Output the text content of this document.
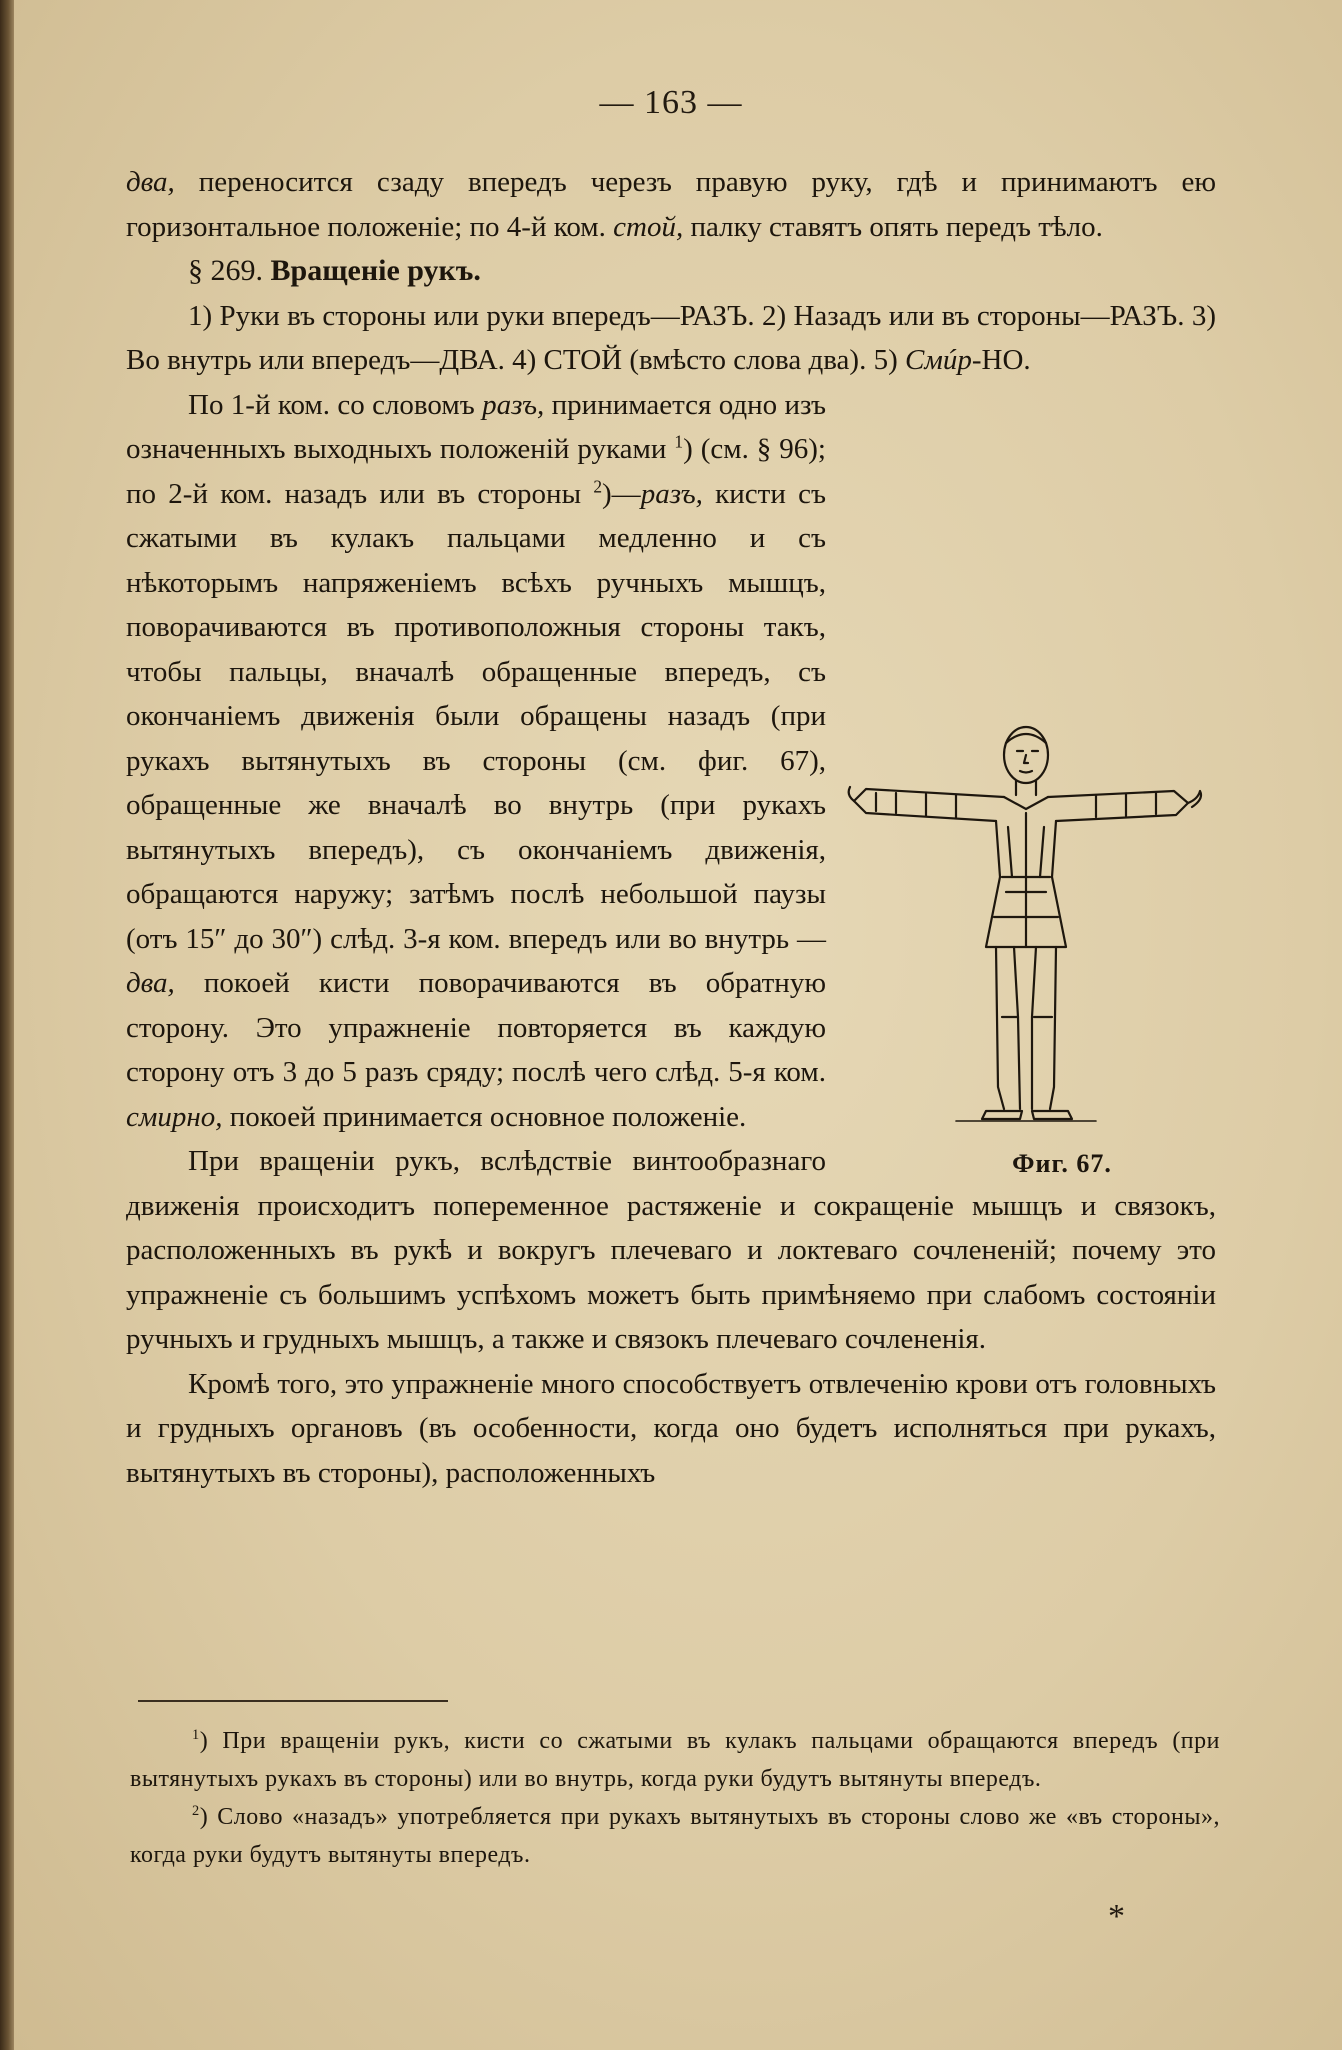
— 163 —

два, переносится сзаду впередъ черезъ правую руку, гдѣ и принимаютъ ею горизонтальное положеніе; по 4-й ком. стой, палку ставятъ опять передъ тѣло.

§ 269. Вращеніе рукъ.

1) Руки въ стороны или руки впередъ—РАЗЪ. 2) Назадъ или въ стороны—РАЗЪ. 3) Во внутрь или впередъ—ДВА. 4) СТОЙ (вмѣсто слова два). 5) Смúр-НО.

Фиг. 67.
По 1-й ком. со словомъ разъ, принимается одно изъ означенныхъ выходныхъ положеній руками $^1$) (см. § 96); по 2-й ком. назадъ или въ стороны $^2$)—разъ, кисти съ сжатыми въ кулакъ пальцами медленно и съ нѣкоторымъ напряженіемъ всѣхъ ручныхъ мышцъ, поворачиваются въ противоположныя стороны такъ, чтобы пальцы, вначалѣ обращенные впередъ, съ окончаніемъ движенія были обращены назадъ (при рукахъ вытянутыхъ въ стороны (см. фиг. 67), обращенные же вначалѣ во внутрь (при рукахъ вытянутыхъ впередъ), съ окончаніемъ движенія, обращаются наружу; затѣмъ послѣ небольшой паузы (отъ 15″ до 30″) слѣд. 3-я ком. впередъ или во внутрь — два, покоей кисти поворачиваются въ обратную сторону. Это упражненіе повторяется въ каждую сторону отъ 3 до 5 разъ сряду; послѣ чего слѣд. 5-я ком. смирно, покоей принимается основное положеніе.

При вращеніи рукъ, вслѣдствіе винтообразнаго движенія происходитъ попеременное растяженіе и сокращеніе мышцъ и связокъ, расположенныхъ въ рукѣ и вокругъ плечеваго и локтеваго сочлененій; почему это упражненіе съ большимъ успѣхомъ можетъ быть примѣняемо при слабомъ состояніи ручныхъ и грудныхъ мышцъ, а также и связокъ плечеваго сочлененія.

Кромѣ того, это упражненіе много способствуетъ отвлеченію крови отъ головныхъ и грудныхъ органовъ (въ особенности, когда оно будетъ исполняться при рукахъ, вытянутыхъ въ стороны), расположенныхъ

$^1$) При вращеніи рукъ, кисти со сжатыми въ кулакъ пальцами обращаются впередъ (при вытянутыхъ рукахъ въ стороны) или во внутрь, когда руки будутъ вытянуты впередъ.

$^2$) Слово «назадъ» употребляется при рукахъ вытянутыхъ въ стороны слово же «въ стороны», когда руки будутъ вытянуты впередъ.

*
